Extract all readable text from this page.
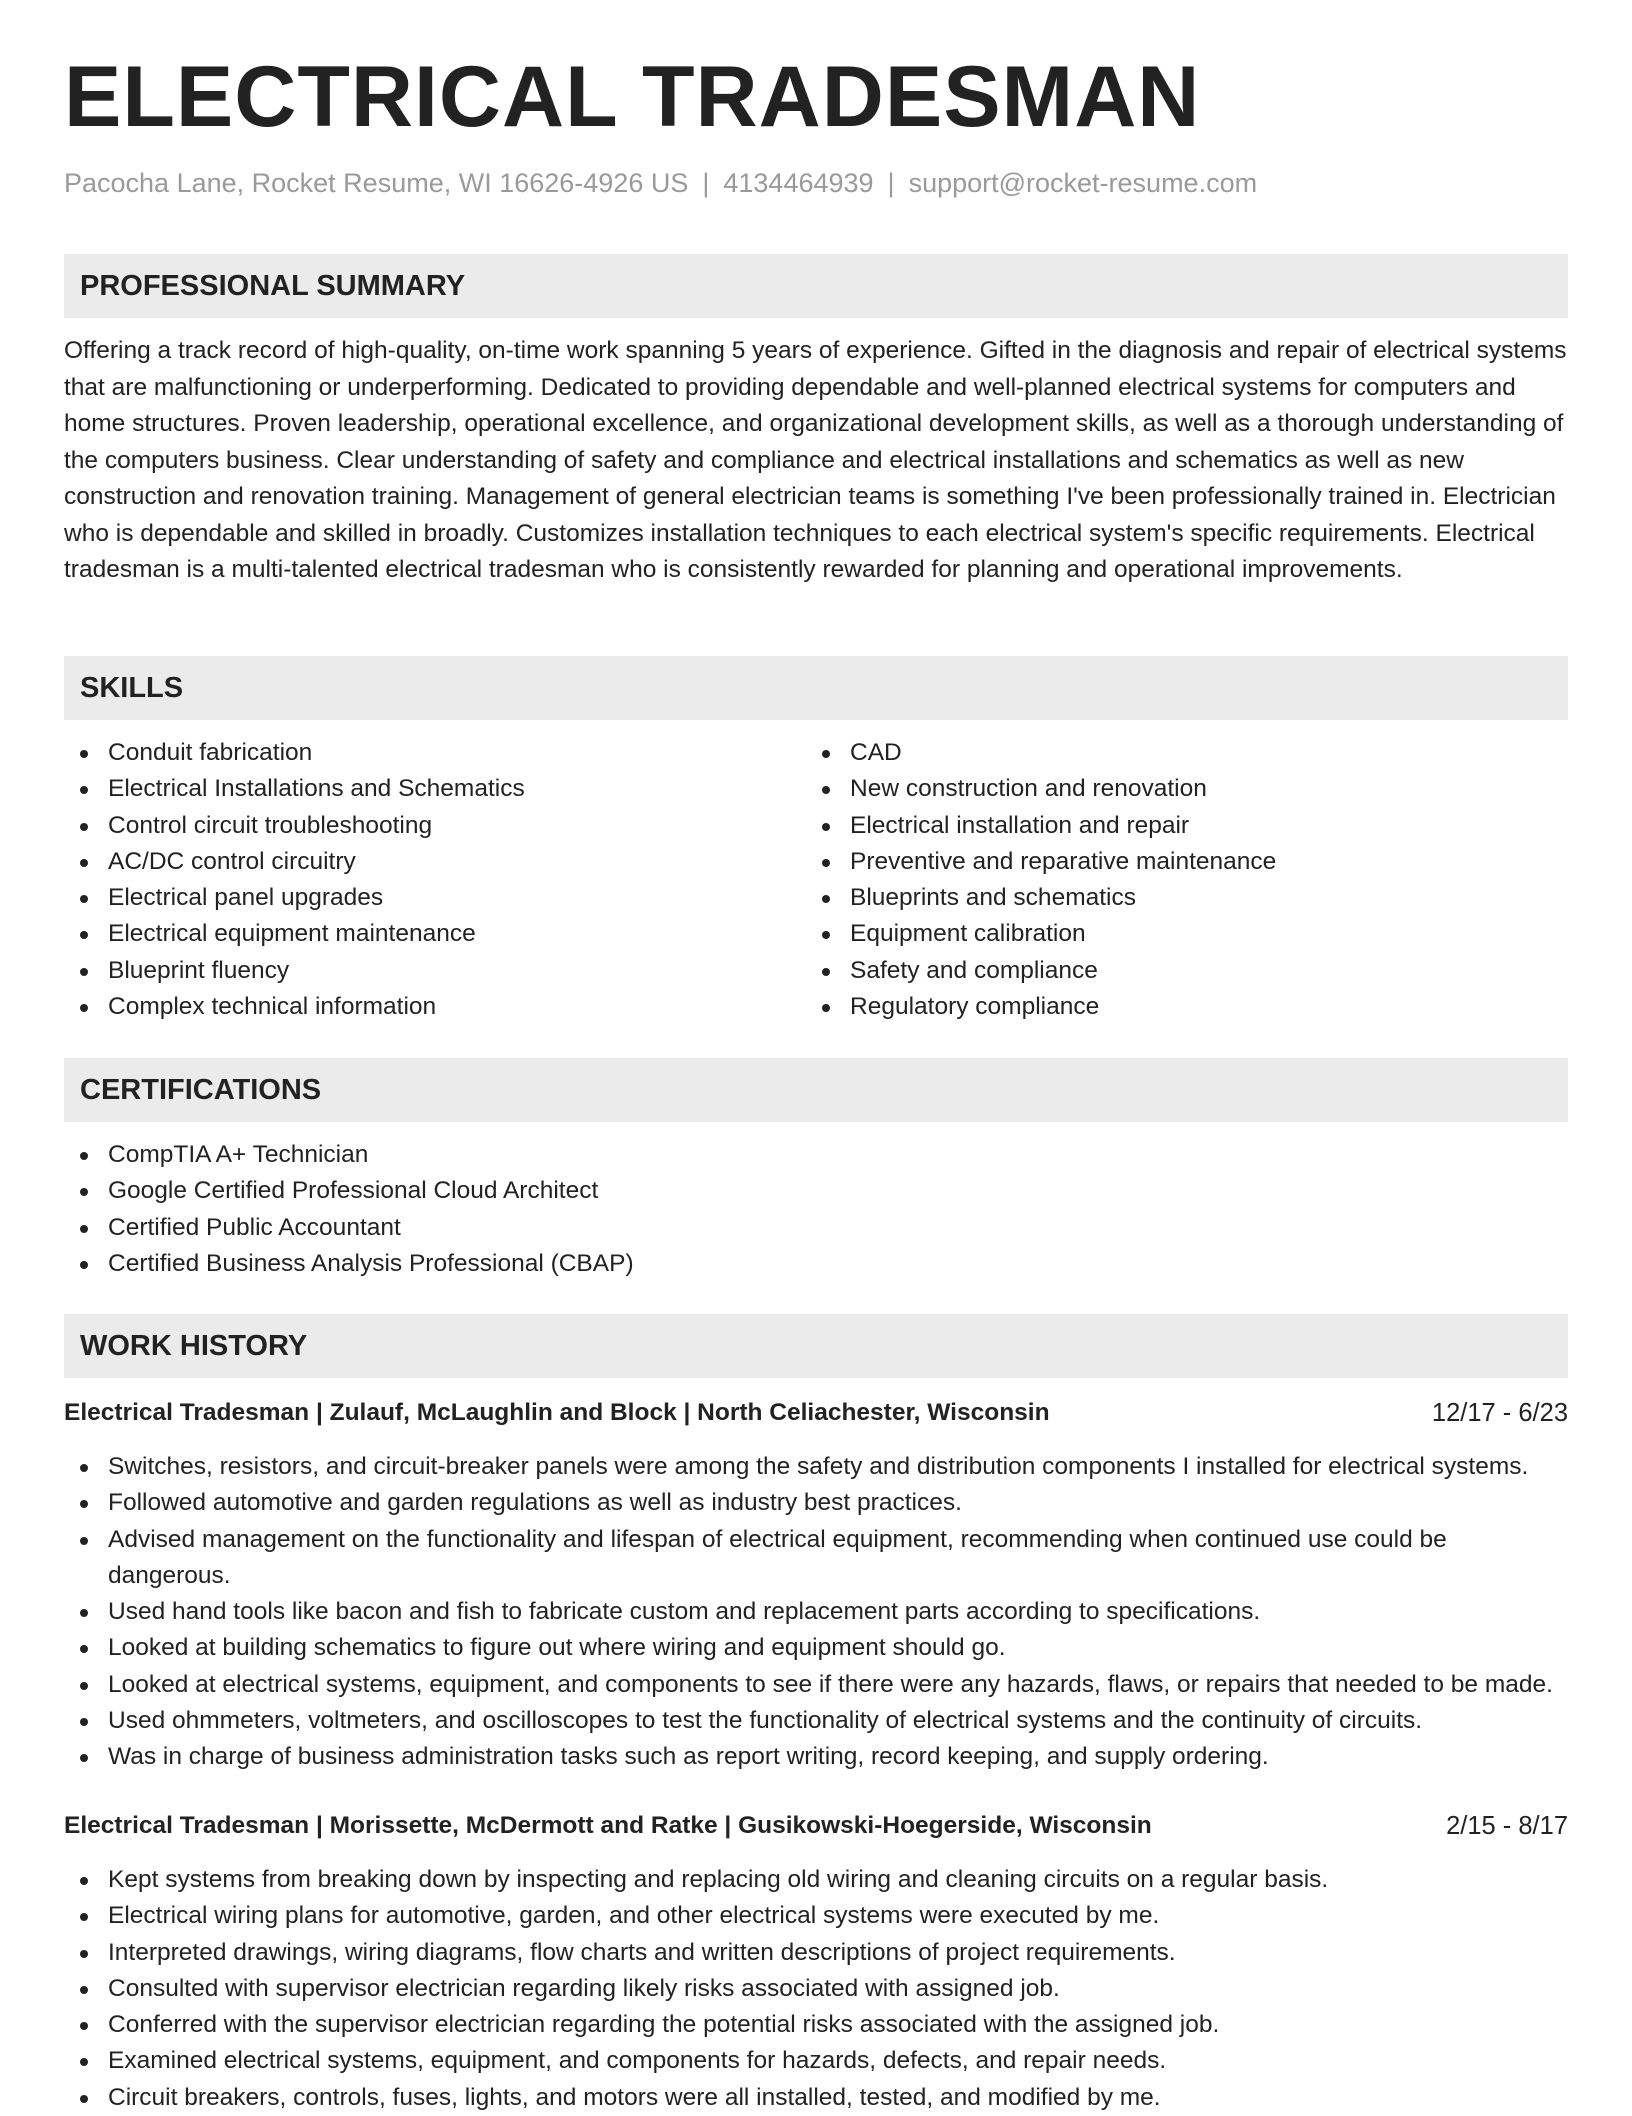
ELECTRICAL TRADESMAN
Pacocha Lane, Rocket Resume, WI 16626-4926 US | 4134464939 | support@rocket-resume.com
PROFESSIONAL SUMMARY

Offering a track record of high-quality, on-time work spanning 5 years of experience. Gifted in the diagnosis and repair of electrical systems that are malfunctioning or underperforming. Dedicated to providing dependable and well-planned electrical systems for computers and home structures. Proven leadership, operational excellence, and organizational development skills, as well as a thorough understanding of the computers business. Clear understanding of safety and compliance and electrical installations and schematics as well as new construction and renovation training. Management of general electrician teams is something I've been professionally trained in. Electrician who is dependable and skilled in broadly. Customizes installation techniques to each electrical system's specific requirements. Electrical tradesman is a multi-talented electrical tradesman who is consistently rewarded for planning and operational improvements.

SKILLS
Conduit fabrication
Electrical Installations and Schematics
Control circuit troubleshooting
AC/DC control circuitry
Electrical panel upgrades
Electrical equipment maintenance
Blueprint fluency
Complex technical information
CAD
New construction and renovation
Electrical installation and repair
Preventive and reparative maintenance
Blueprints and schematics
Equipment calibration
Safety and compliance
Regulatory compliance
CERTIFICATIONS
CompTIA A+ Technician
Google Certified Professional Cloud Architect
Certified Public Accountant
Certified Business Analysis Professional (CBAP)
WORK HISTORY
Electrical Tradesman | Zulauf, McLaughlin and Block | North Celiachester, Wisconsin	12/17 - 6/23
Switches, resistors, and circuit-breaker panels were among the safety and distribution components I installed for electrical systems.
Followed automotive and garden regulations as well as industry best practices.
Advised management on the functionality and lifespan of electrical equipment, recommending when continued use could be dangerous.
Used hand tools like bacon and fish to fabricate custom and replacement parts according to specifications.
Looked at building schematics to figure out where wiring and equipment should go.
Looked at electrical systems, equipment, and components to see if there were any hazards, flaws, or repairs that needed to be made.
Used ohmmeters, voltmeters, and oscilloscopes to test the functionality of electrical systems and the continuity of circuits.
Was in charge of business administration tasks such as report writing, record keeping, and supply ordering.
Electrical Tradesman | Morissette, McDermott and Ratke | Gusikowski-Hoegerside, Wisconsin	2/15 - 8/17
Kept systems from breaking down by inspecting and replacing old wiring and cleaning circuits on a regular basis.
Electrical wiring plans for automotive, garden, and other electrical systems were executed by me.
Interpreted drawings, wiring diagrams, flow charts and written descriptions of project requirements.
Consulted with supervisor electrician regarding likely risks associated with assigned job.
Conferred with the supervisor electrician regarding the potential risks associated with the assigned job.
Examined electrical systems, equipment, and components for hazards, defects, and repair needs.
Circuit breakers, controls, fuses, lights, and motors were all installed, tested, and modified by me.
